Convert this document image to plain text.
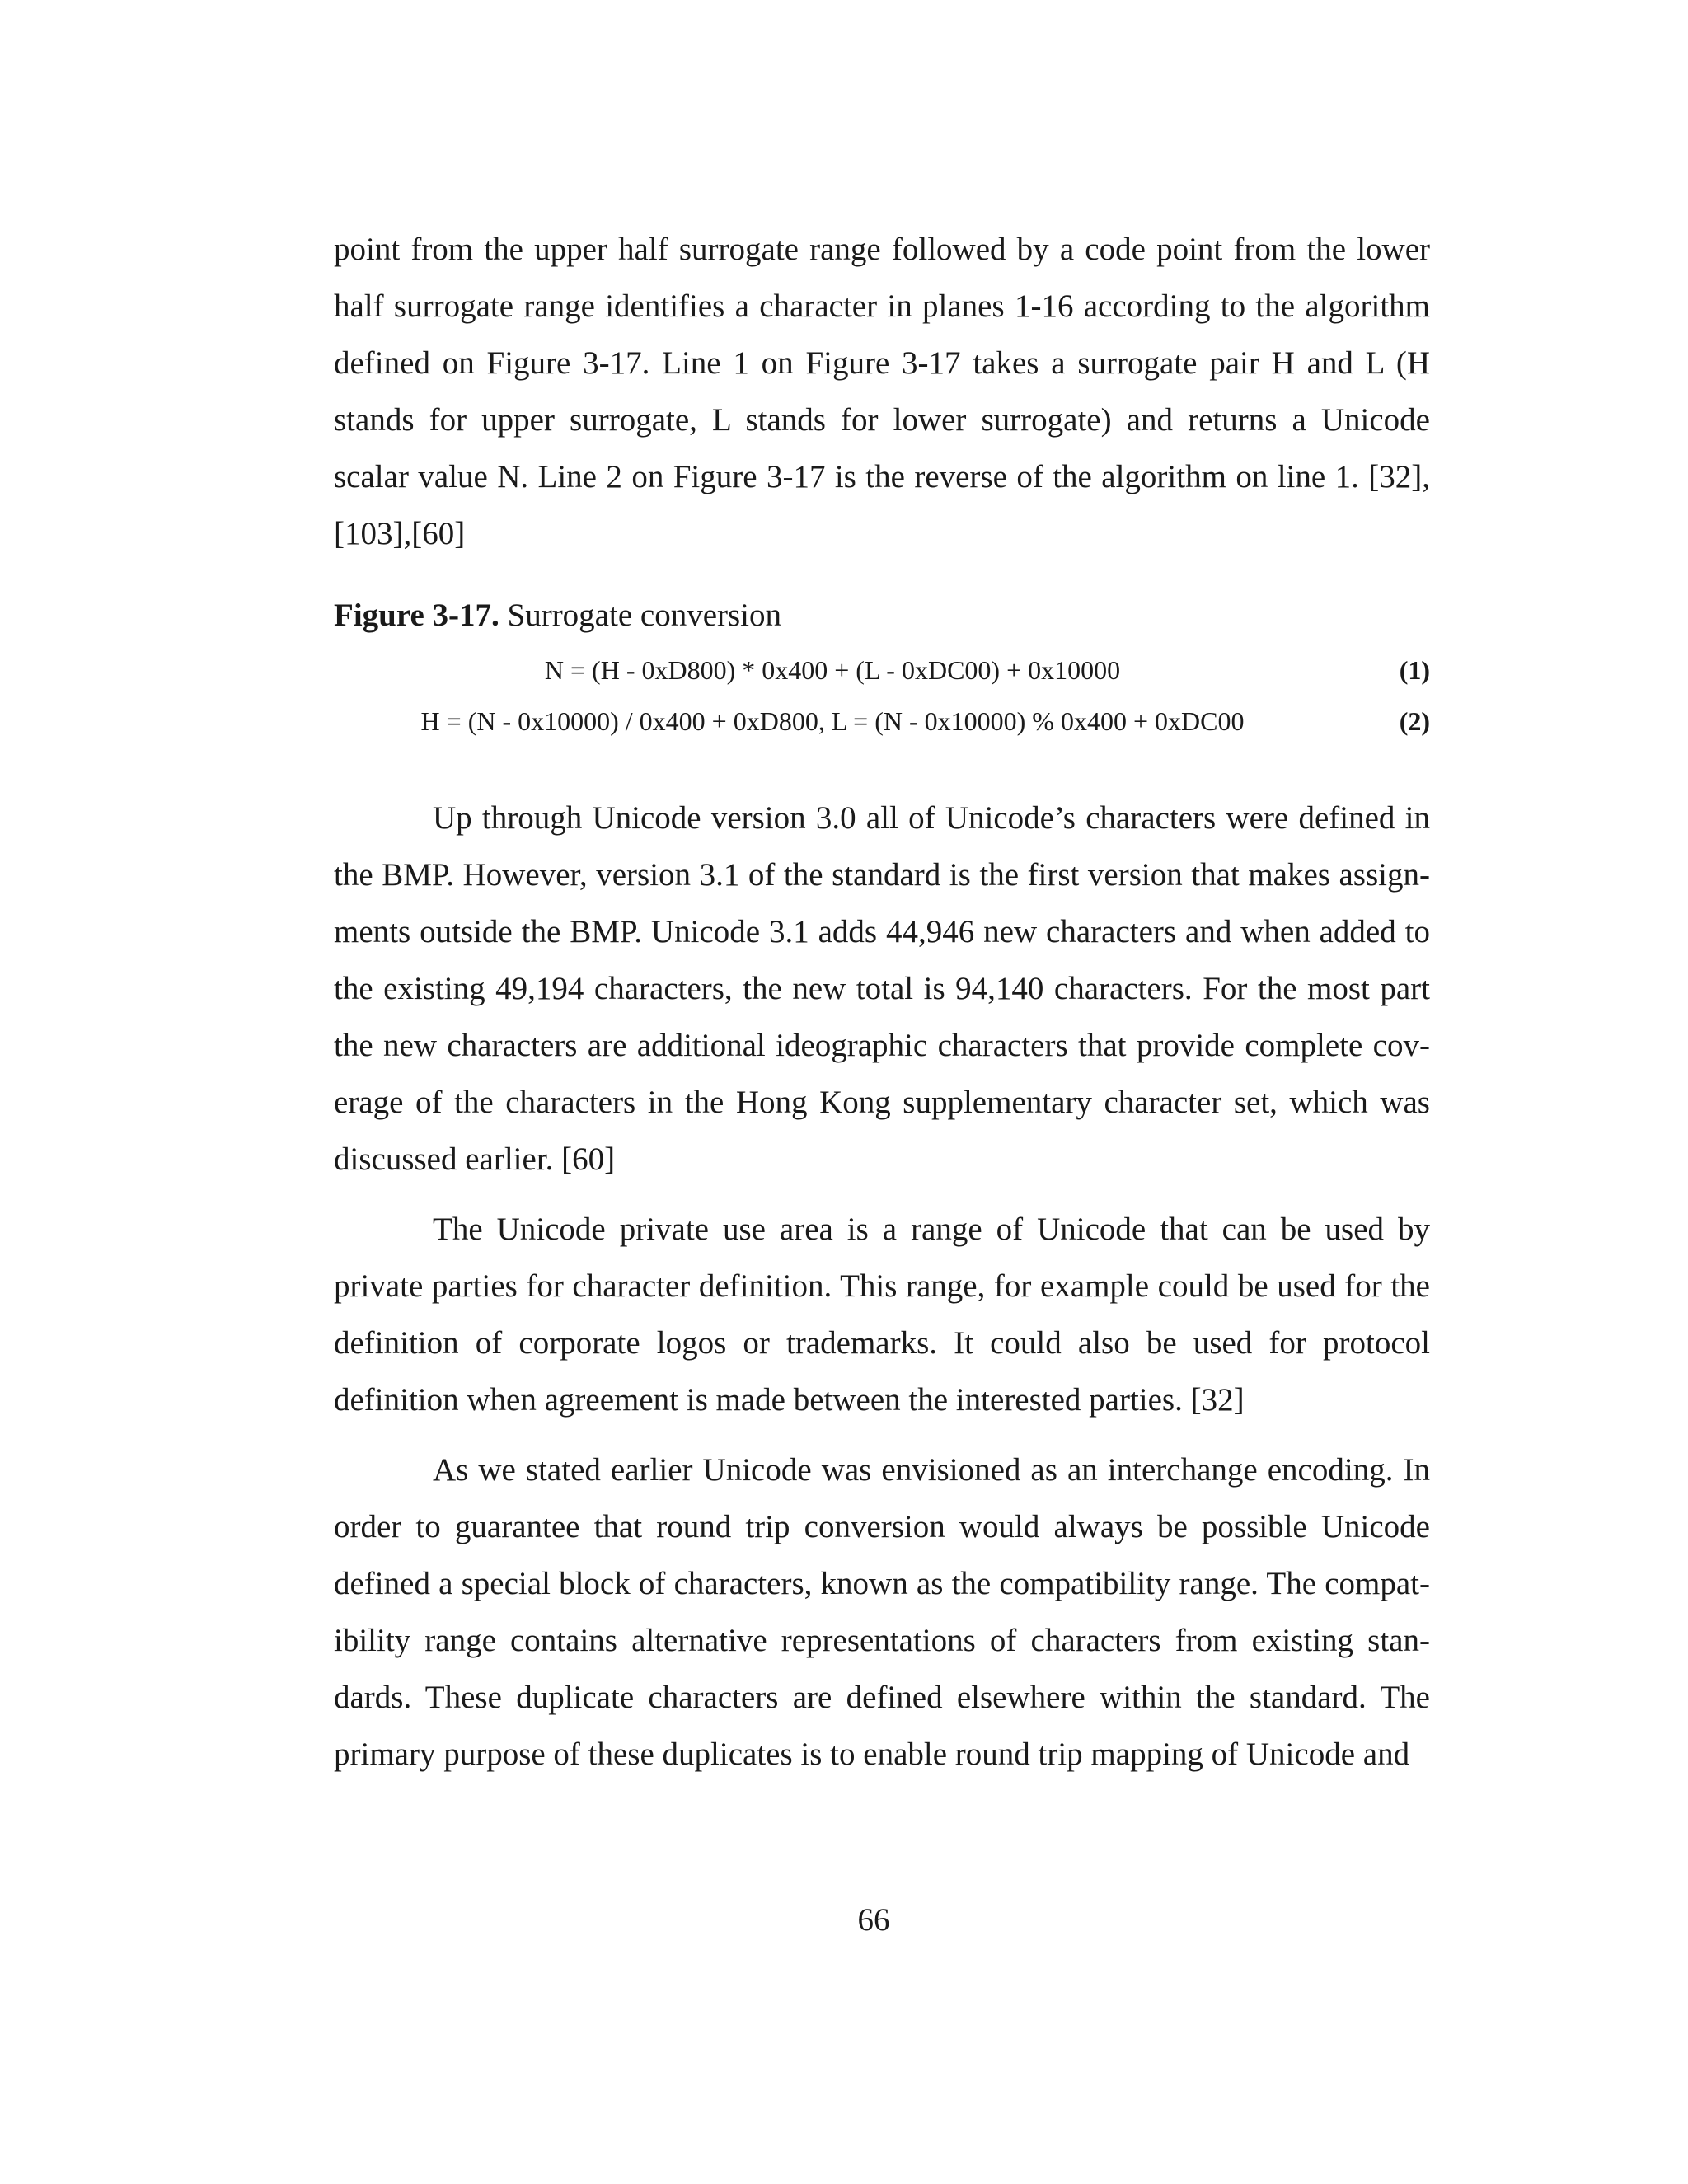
point from the upper half surrogate range followed by a code point from the lower half surrogate range identifies a character in planes 1-16 according to the algorithm defined on Figure 3-17. Line 1 on Figure 3-17 takes a surrogate pair H and L (H stands for upper surrogate, L stands for lower surrogate) and returns a Unicode scalar value N. Line 2 on Figure 3-17 is the reverse of the algorithm on line 1. [32],[103],[60]

Figure 3-17. Surrogate conversion
N = (H - 0xD800) * 0x400 + (L - 0xDC00) + 0x10000	(1)
H = (N - 0x10000) / 0x400 + 0xD800, L = (N - 0x10000) % 0x400 + 0xDC00	(2)

Up through Unicode version 3.0 all of Unicode’s characters were defined in the BMP. However, version 3.1 of the standard is the first version that makes assignments outside the BMP. Unicode 3.1 adds 44,946 new characters and when added to the existing 49,194 characters, the new total is 94,140 characters. For the most part the new characters are additional ideographic characters that provide complete coverage of the characters in the Hong Kong supplementary character set, which was discussed earlier. [60]

The Unicode private use area is a range of Unicode that can be used by private parties for character definition. This range, for example could be used for the definition of corporate logos or trademarks. It could also be used for protocol definition when agreement is made between the interested parties. [32]

As we stated earlier Unicode was envisioned as an interchange encoding. In order to guarantee that round trip conversion would always be possible Unicode defined a special block of characters, known as the compatibility range. The compatibility range contains alternative representations of characters from existing standards. These duplicate characters are defined elsewhere within the standard. The primary purpose of these duplicates is to enable round trip mapping of Unicode and

66
